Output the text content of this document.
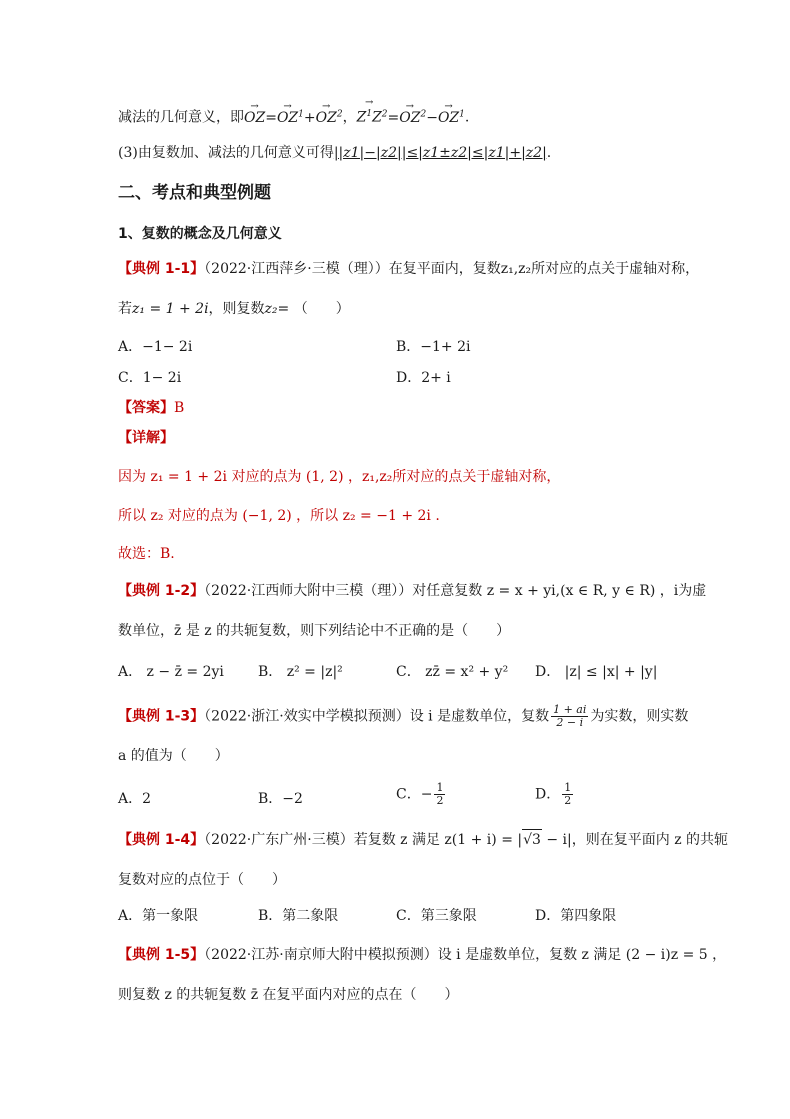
减法的几何意义，即→ $OZ=\to OZ^1+\to OZ^2$，→ $Z^1Z^2=\to OZ^2-\to OZ^1$.
(3)由复数加、减法的几何意义可得||z1|−|z2||≤|z1±z2|≤|z1|+|z2|.
二、考点和典型例题
1、复数的概念及几何意义
【典例 1-1】（2022·江西萍乡·三模（理））在复平面内，复数z₁,z₂所对应的点关于虚轴对称，
若z₁ = 1 + 2i，则复数z₂= （　　）
A．−1− 2i	B．−1+ 2i
C．1− 2i	D．2+ i
【答案】B
【详解】
因为 z₁ = 1 + 2i 对应的点为 (1, 2) ，z₁,z₂所对应的点关于虚轴对称，
所以 z₂ 对应的点为 (−1, 2) ，所以 z₂ = −1 + 2i .
故选：B.
【典例 1-2】（2022·江西师大附中三模（理））对任意复数 z = x + yi,(x ∈ R, y ∈ R) ，i为虚
数单位，z̄ 是 z 的共轭复数，则下列结论中不正确的是（　　）
A． z − z̄ = 2yi B． z² = |z|²	C． zz̄ = x² + y² D． |z| ≤ |x| + |y|
【典例 1-3】（2022·浙江·效实中学模拟预测）设 i 是虚数单位，复数 $\frac{1 + ai}{2 - i}$ 为实数，则实数
a 的值为（　　）
A．2	B．−2	C．− $\frac{1}{2}$	D． $\frac{1}{2}$
【典例 1-4】（2022·广东广州·三模）若复数 z 满足 z(1 + i) = |√3 − i|，则在复平面内 z 的共轭
复数对应的点位于（　　）
A．第一象限	B．第二象限	C．第三象限	D．第四象限
【典例 1-5】（2022·江苏·南京师大附中模拟预测）设 i 是虚数单位，复数 z 满足 (2 − i)z = 5 ，
则复数 z 的共轭复数 z̄ 在复平面内对应的点在（　　）
